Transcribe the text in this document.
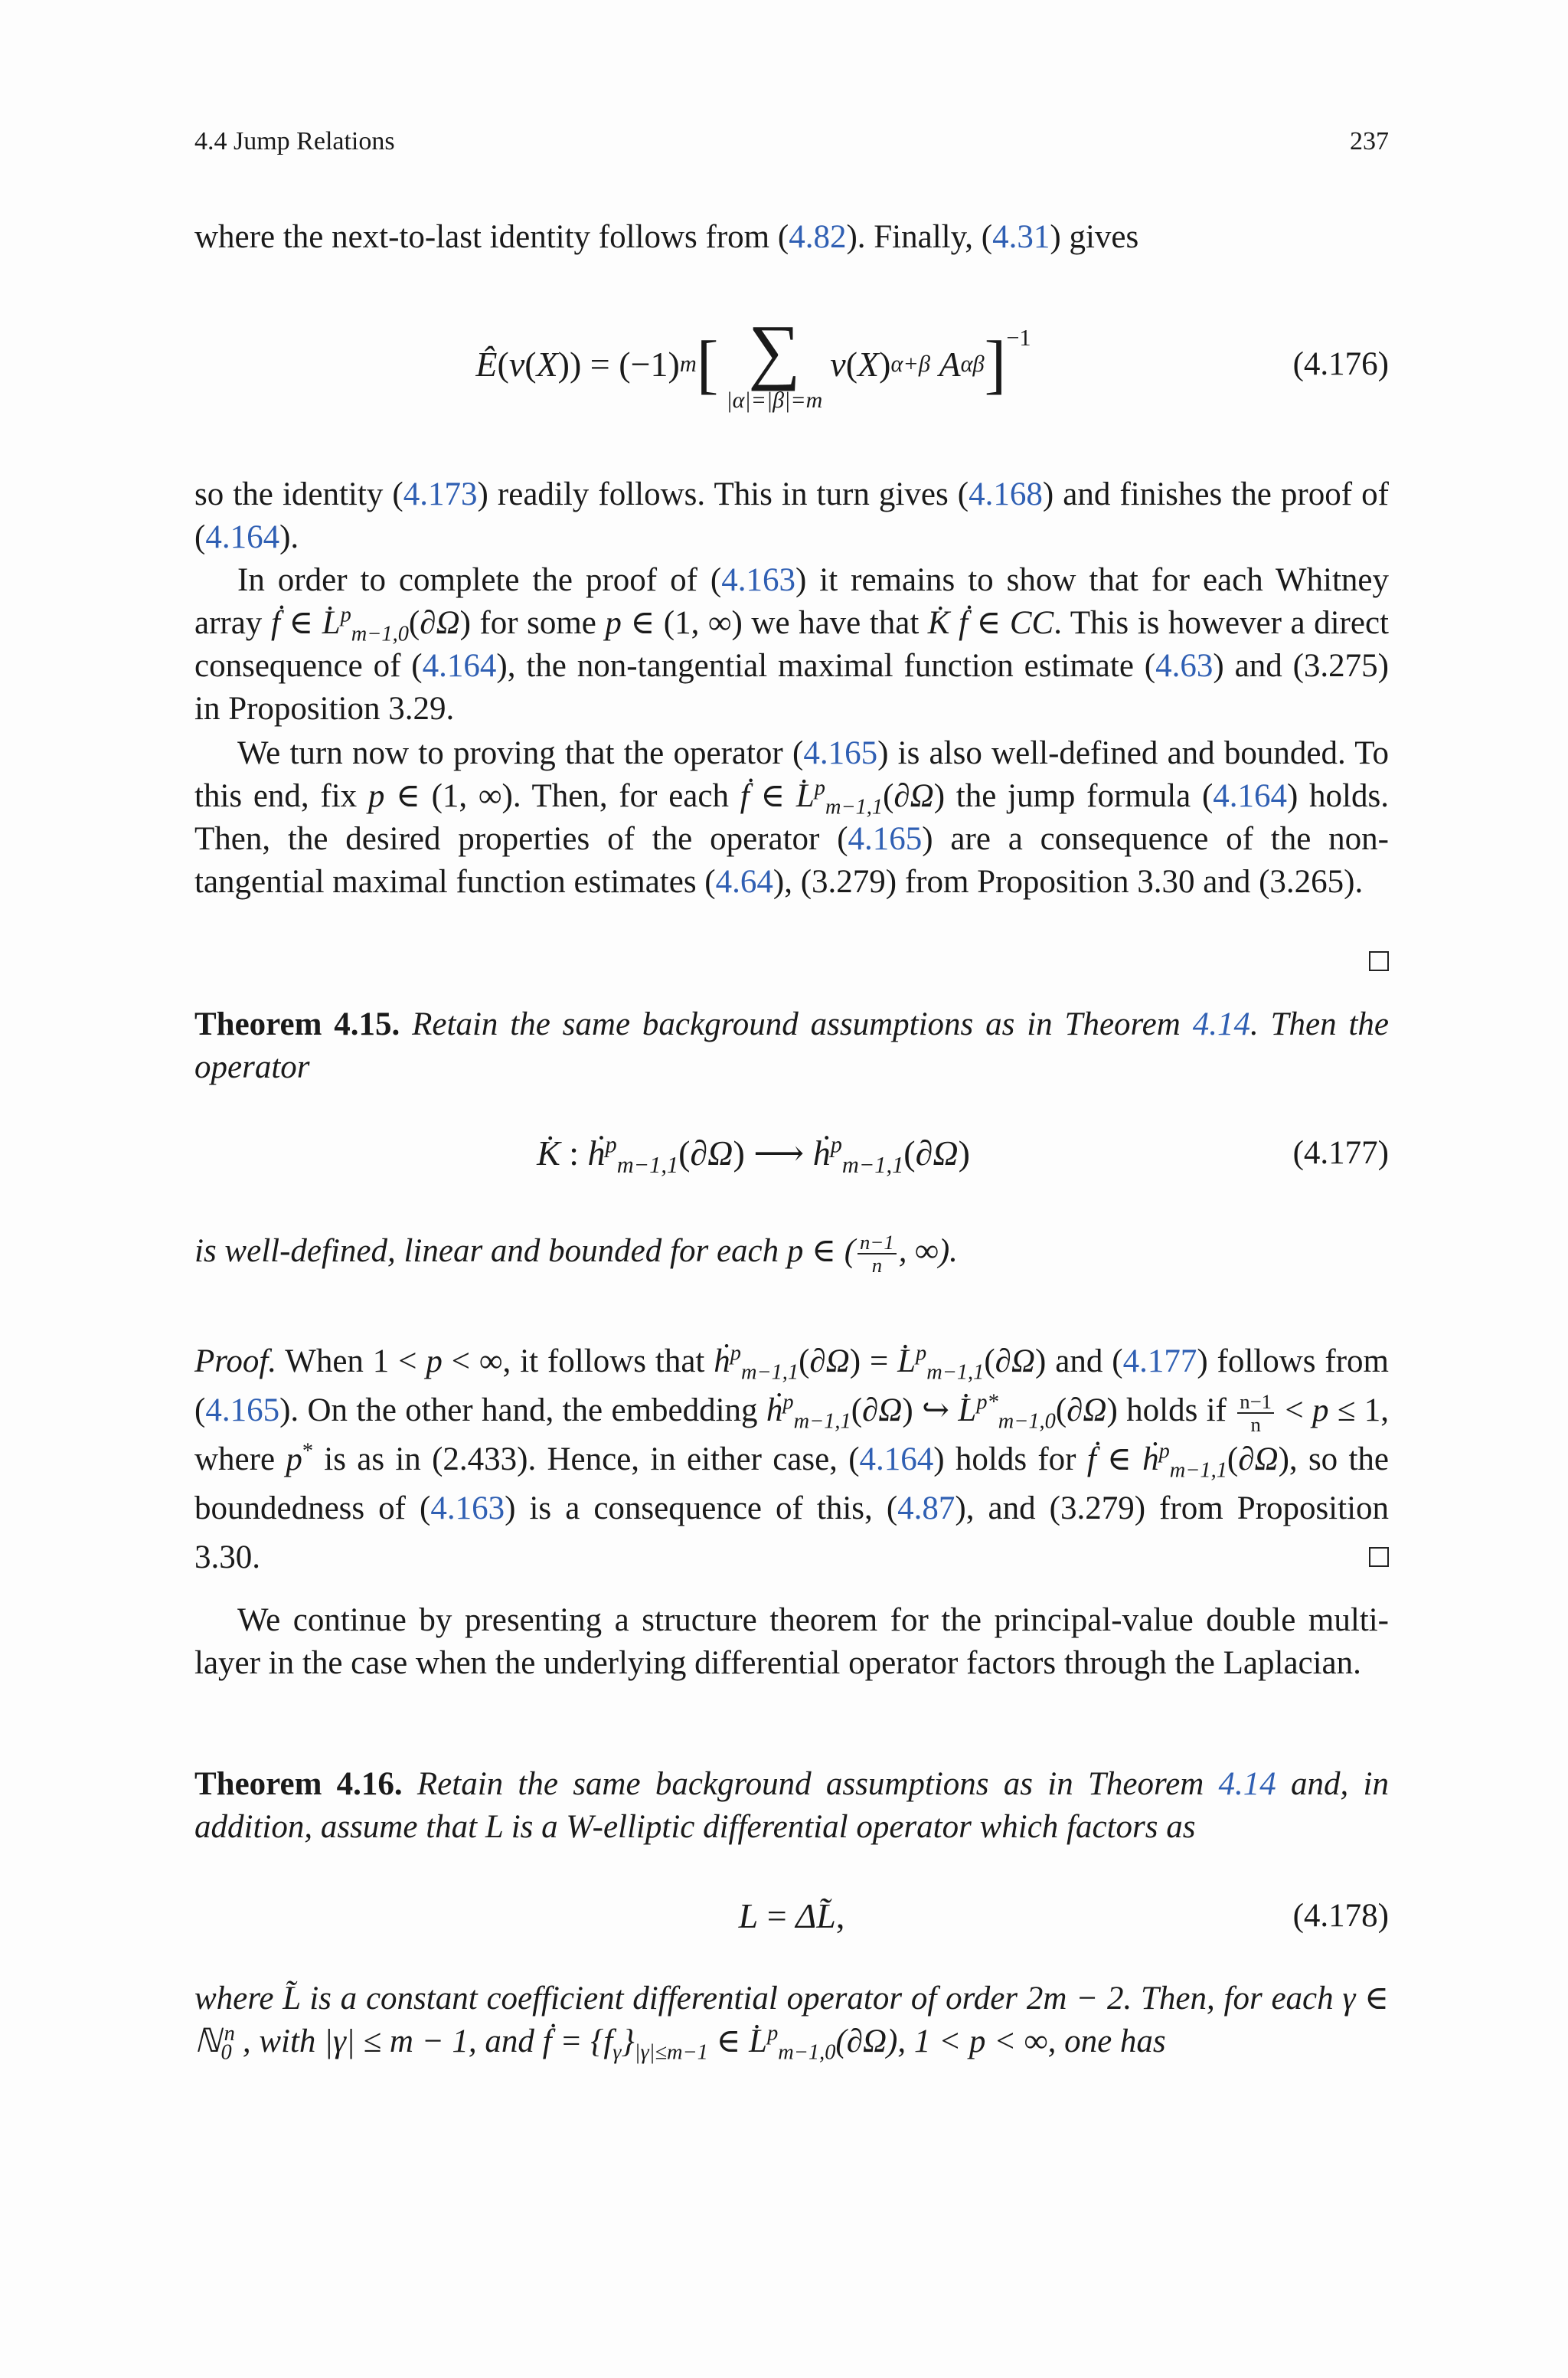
4.4 Jump Relations	237

where the next-to-last identity follows from (4.82). Finally, (4.31) gives

Ê ( ν ( X )) = (−1) m [ ∑
|α|=|β|=m
ν ( X ) α+β A αβ ]$^{-1}$
(4.176)

so the identity (4.173) readily follows. This in turn gives (4.168) and finishes the proof of (4.164).

In order to complete the proof of (4.163) it remains to show that for each Whitney array ḟ ∈ L̇$^p_{m-1,0}$(∂Ω) for some p ∈ (1, ∞) we have that K̇ ḟ ∈ CC. This is however a direct consequence of (4.164), the non-tangential maximal function estimate (4.63) and (3.275) in Proposition 3.29.

We turn now to proving that the operator (4.165) is also well-defined and bounded. To this end, fix p ∈ (1, ∞). Then, for each ḟ ∈ L̇$^p_{m-1,1}$(∂Ω) the jump formula (4.164) holds. Then, the desired properties of the operator (4.165) are a consequence of the non-tangential maximal function estimates (4.64), (3.279) from Proposition 3.30 and (3.265).

Theorem 4.15. Retain the same background assumptions as in Theorem 4.14. Then the operator

K̇ : ḣ$^p_{m-1,1}$(∂Ω) ⟶ ḣ$^p_{m-1,1}$(∂Ω)	(4.177)

is well-defined, linear and bounded for each p ∈ ( $\frac{n-1}{n}$ , ∞).

Proof. When 1 < p < ∞, it follows that ḣ$^p_{m-1,1}$(∂Ω) = L̇$^p_{m-1,1}$(∂Ω) and (4.177) follows from (4.165). On the other hand, the embedding ḣ$^p_{m-1,1}$(∂Ω) ↪ L̇$^{p*}_{m-1,0}$(∂Ω) holds if $\frac{n-1}{n} < p \le 1$, where p* is as in (2.433). Hence, in either case, (4.164) holds for ḟ ∈ ḣ$^p_{m-1,1}$(∂Ω), so the boundedness of (4.163) is a consequence of this, (4.87), and (3.279) from Proposition 3.30.

We continue by presenting a structure theorem for the principal-value double multi-layer in the case when the underlying differential operator factors through the Laplacian.

Theorem 4.16. Retain the same background assumptions as in Theorem 4.14 and, in addition, assume that L is a W-elliptic differential operator which factors as

L = ΔL̃,	(4.178)

where L̃ is a constant coefficient differential operator of order 2m − 2. Then, for each γ ∈ ℕ$_0^n$ , with |γ| ≤ m − 1, and ḟ = $\{f_\gamma\}_{|\gamma|\le m-1}$ ∈ L̇$^p_{m-1,0}$(∂Ω), 1 < p < ∞, one has
